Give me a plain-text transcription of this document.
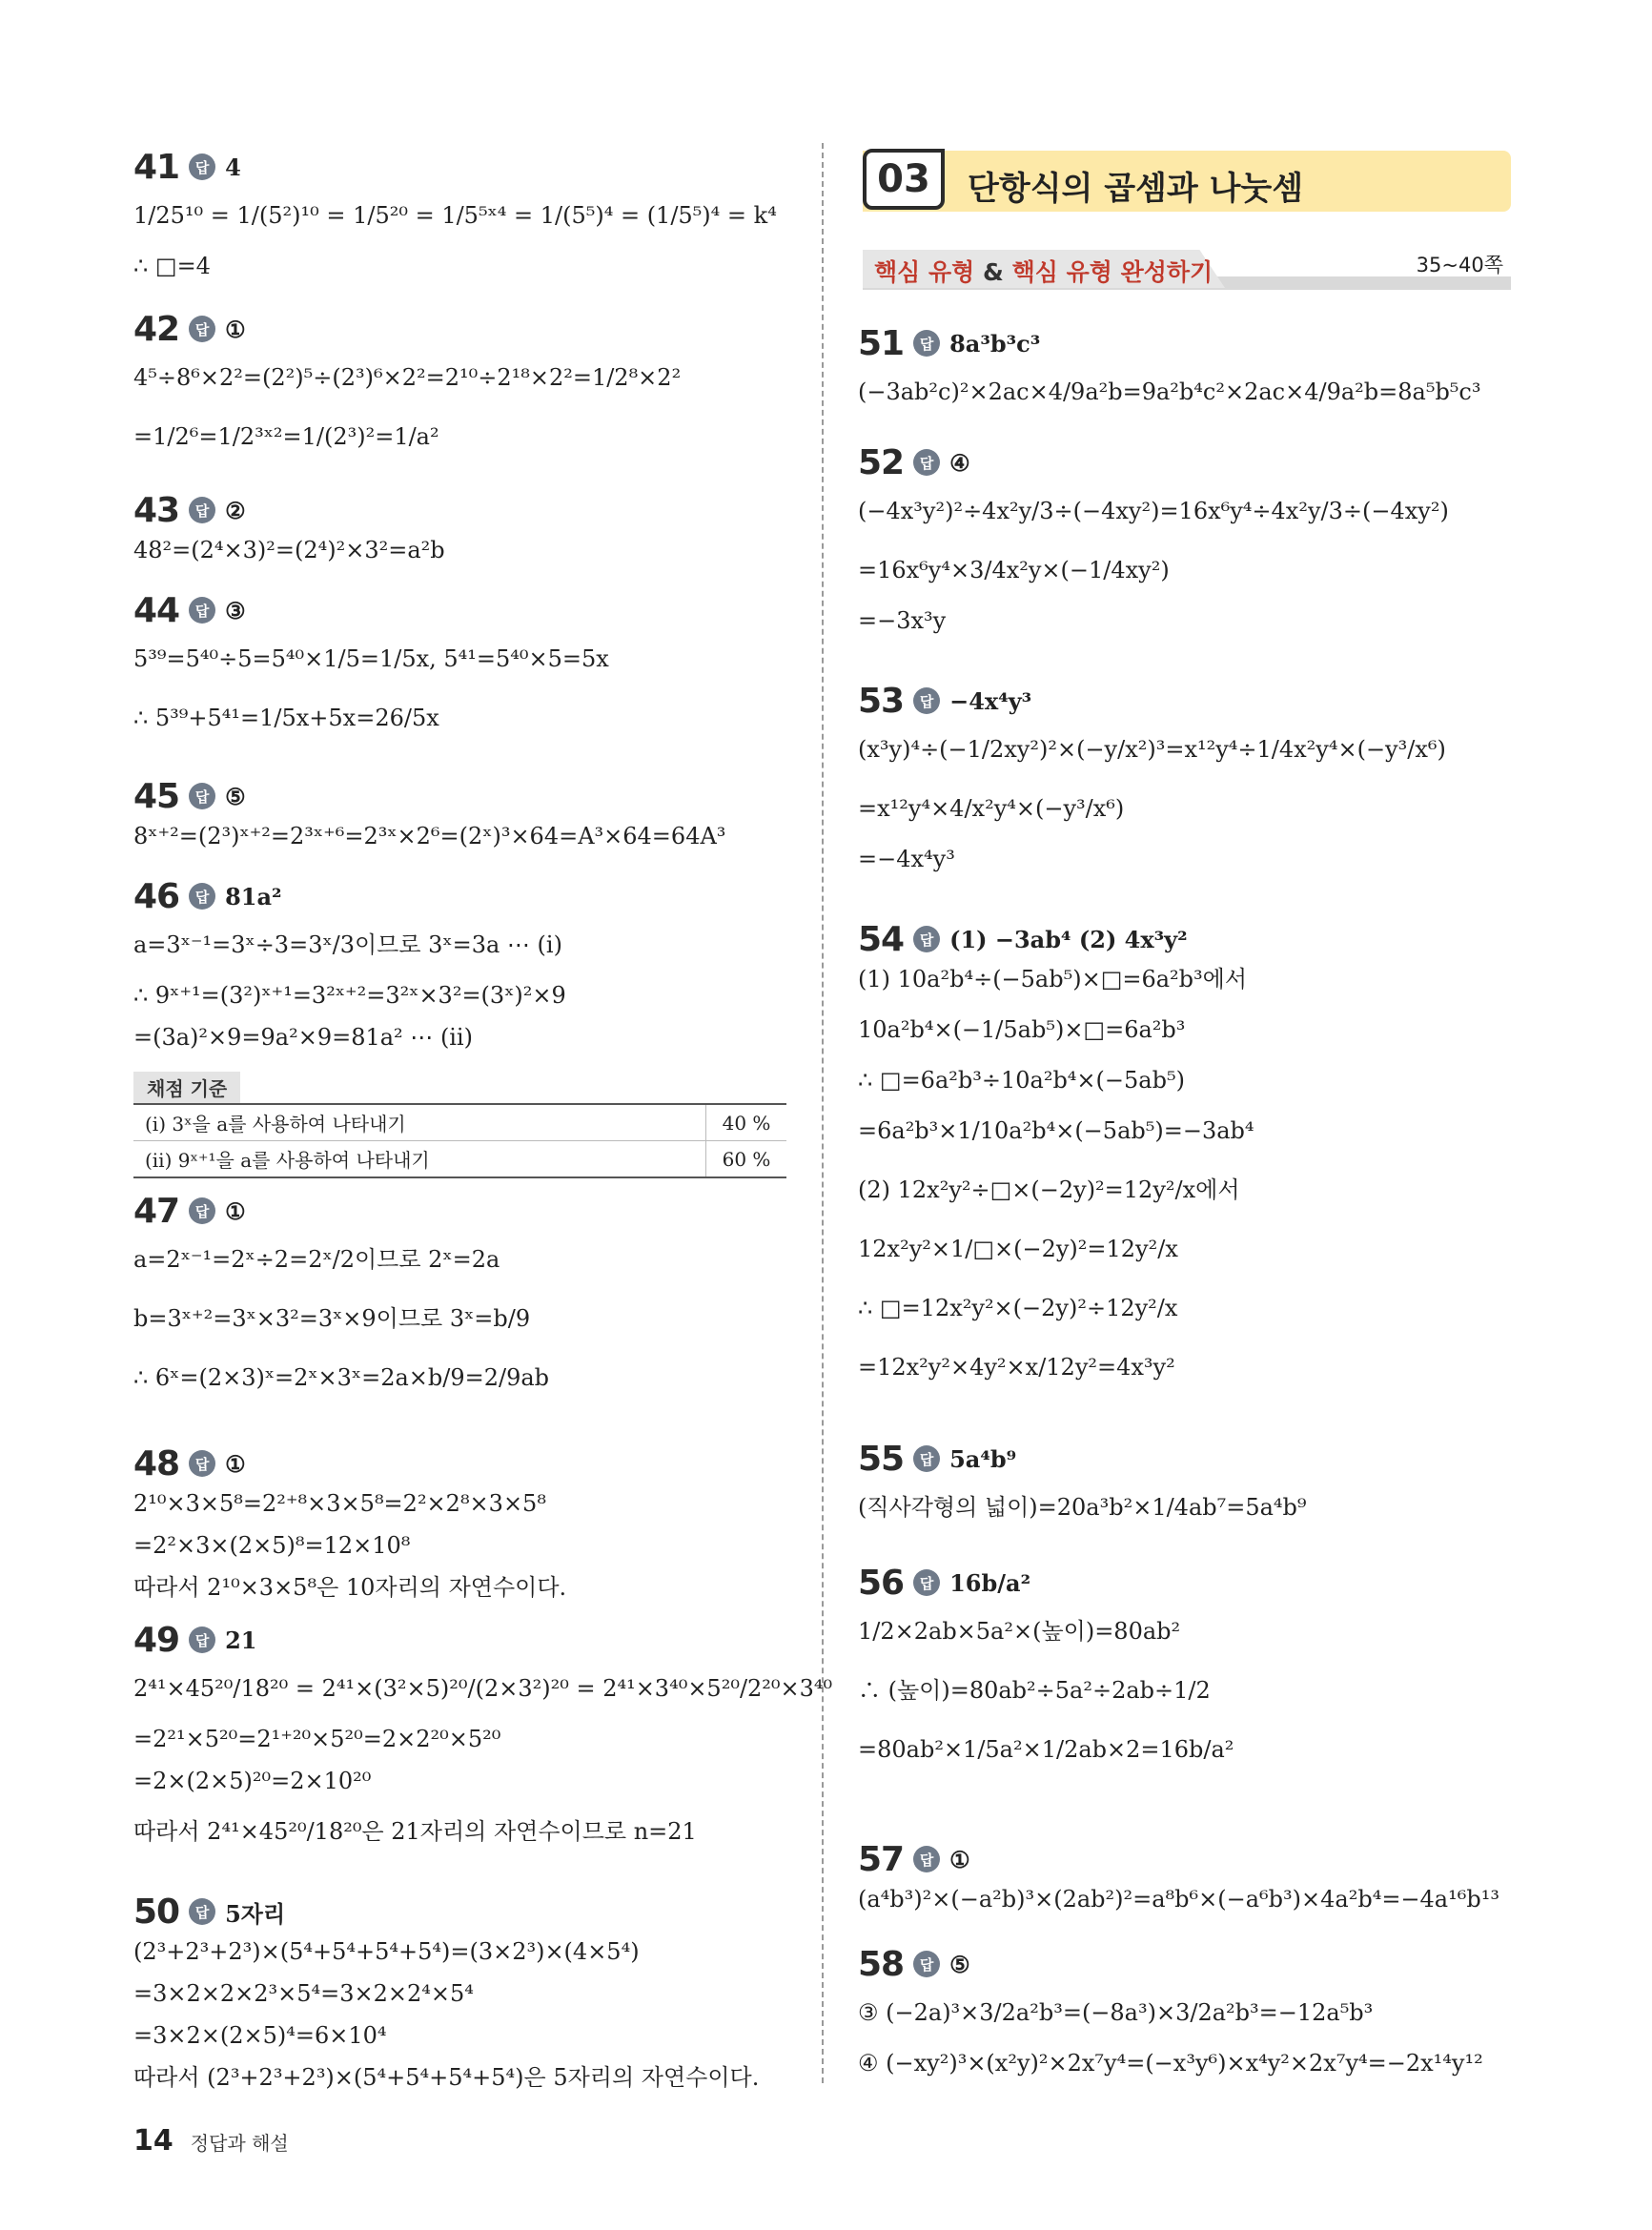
03	단항식의 곱셈과 나눗셈
핵심 유형 & 핵심 유형 완성하기	35~40쪽
41	답 4
1/25¹⁰ = 1/(5²)¹⁰ = 1/5²⁰ = 1/5⁵ˣ⁴ = 1/(5⁵)⁴ = (1/5⁵)⁴ = k⁴
∴ □=4
42	답 ①
4⁵÷8⁶×2²=(2²)⁵÷(2³)⁶×2²=2¹⁰÷2¹⁸×2²=1/2⁸×2²
=1/2⁶=1/2³ˣ²=1/(2³)²=1/a²
43	답 ②
48²=(2⁴×3)²=(2⁴)²×3²=a²b
44	답 ③
5³⁹=5⁴⁰÷5=5⁴⁰×1/5=1/5x, 5⁴¹=5⁴⁰×5=5x
∴ 5³⁹+5⁴¹=1/5x+5x=26/5x
45	답 ⑤
8ˣ⁺²=(2³)ˣ⁺²=2³ˣ⁺⁶=2³ˣ×2⁶=(2ˣ)³×64=A³×64=64A³
46	답 81a²
a=3ˣ⁻¹=3ˣ÷3=3ˣ/3이므로 3ˣ=3a ⋯ (ⅰ)
∴ 9ˣ⁺¹=(3²)ˣ⁺¹=3²ˣ⁺²=3²ˣ×3²=(3ˣ)²×9
=(3a)²×9=9a²×9=81a² ⋯ (ⅱ)
47	답 ①
a=2ˣ⁻¹=2ˣ÷2=2ˣ/2이므로 2ˣ=2a
b=3ˣ⁺²=3ˣ×3²=3ˣ×9이므로 3ˣ=b/9
∴ 6ˣ=(2×3)ˣ=2ˣ×3ˣ=2a×b/9=2/9ab
48	답 ①
2¹⁰×3×5⁸=2²⁺⁸×3×5⁸=2²×2⁸×3×5⁸
=2²×3×(2×5)⁸=12×10⁸
따라서 2¹⁰×3×5⁸은 10자리의 자연수이다.
49	답 21
2⁴¹×45²⁰/18²⁰ = 2⁴¹×(3²×5)²⁰/(2×3²)²⁰ = 2⁴¹×3⁴⁰×5²⁰/2²⁰×3⁴⁰
=2²¹×5²⁰=2¹⁺²⁰×5²⁰=2×2²⁰×5²⁰
=2×(2×5)²⁰=2×10²⁰
따라서 2⁴¹×45²⁰/18²⁰은 21자리의 자연수이므로 n=21
50	답 5자리
(2³+2³+2³)×(5⁴+5⁴+5⁴+5⁴)=(3×2³)×(4×5⁴)
=3×2×2×2³×5⁴=3×2×2⁴×5⁴
=3×2×(2×5)⁴=6×10⁴
따라서 (2³+2³+2³)×(5⁴+5⁴+5⁴+5⁴)은 5자리의 자연수이다.
51	답 8a³b³c³
(−3ab²c)²×2ac×4/9a²b=9a²b⁴c²×2ac×4/9a²b=8a⁵b⁵c³
52	답 ④
(−4x³y²)²÷4x²y/3÷(−4xy²)=16x⁶y⁴÷4x²y/3÷(−4xy²)
=16x⁶y⁴×3/4x²y×(−1/4xy²)
=−3x³y
53	답 −4x⁴y³
(x³y)⁴÷(−1/2xy²)²×(−y/x²)³=x¹²y⁴÷1/4x²y⁴×(−y³/x⁶)
=x¹²y⁴×4/x²y⁴×(−y³/x⁶)
=−4x⁴y³
54	답 (1) −3ab⁴ (2) 4x³y²
(1) 10a²b⁴÷(−5ab⁵)×□=6a²b³에서
10a²b⁴×(−1/5ab⁵)×□=6a²b³
∴ □=6a²b³÷10a²b⁴×(−5ab⁵)
=6a²b³×1/10a²b⁴×(−5ab⁵)=−3ab⁴
(2) 12x²y²÷□×(−2y)²=12y²/x에서
12x²y²×1/□×(−2y)²=12y²/x
∴ □=12x²y²×(−2y)²÷12y²/x
=12x²y²×4y²×x/12y²=4x³y²
55	답 5a⁴b⁹
(직사각형의 넓이)=20a³b²×1/4ab⁷=5a⁴b⁹
56	답 16b/a²
1/2×2ab×5a²×(높이)=80ab²
∴ (높이)=80ab²÷5a²÷2ab÷1/2
=80ab²×1/5a²×1/2ab×2=16b/a²
57	답 ①
(a⁴b³)²×(−a²b)³×(2ab²)²=a⁸b⁶×(−a⁶b³)×4a²b⁴=−4a¹⁶b¹³
58	답 ⑤
③ (−2a)³×3/2a²b³=(−8a³)×3/2a²b³=−12a⁵b³
④ (−xy²)³×(x²y)²×2x⁷y⁴=(−x³y⁶)×x⁴y²×2x⁷y⁴=−2x¹⁴y¹²
채점 기준
(ⅰ) 3ˣ을 a를 사용하여 나타내기	40 %
(ⅱ) 9ˣ⁺¹을 a를 사용하여 나타내기	60 %
14 정답과 해설
